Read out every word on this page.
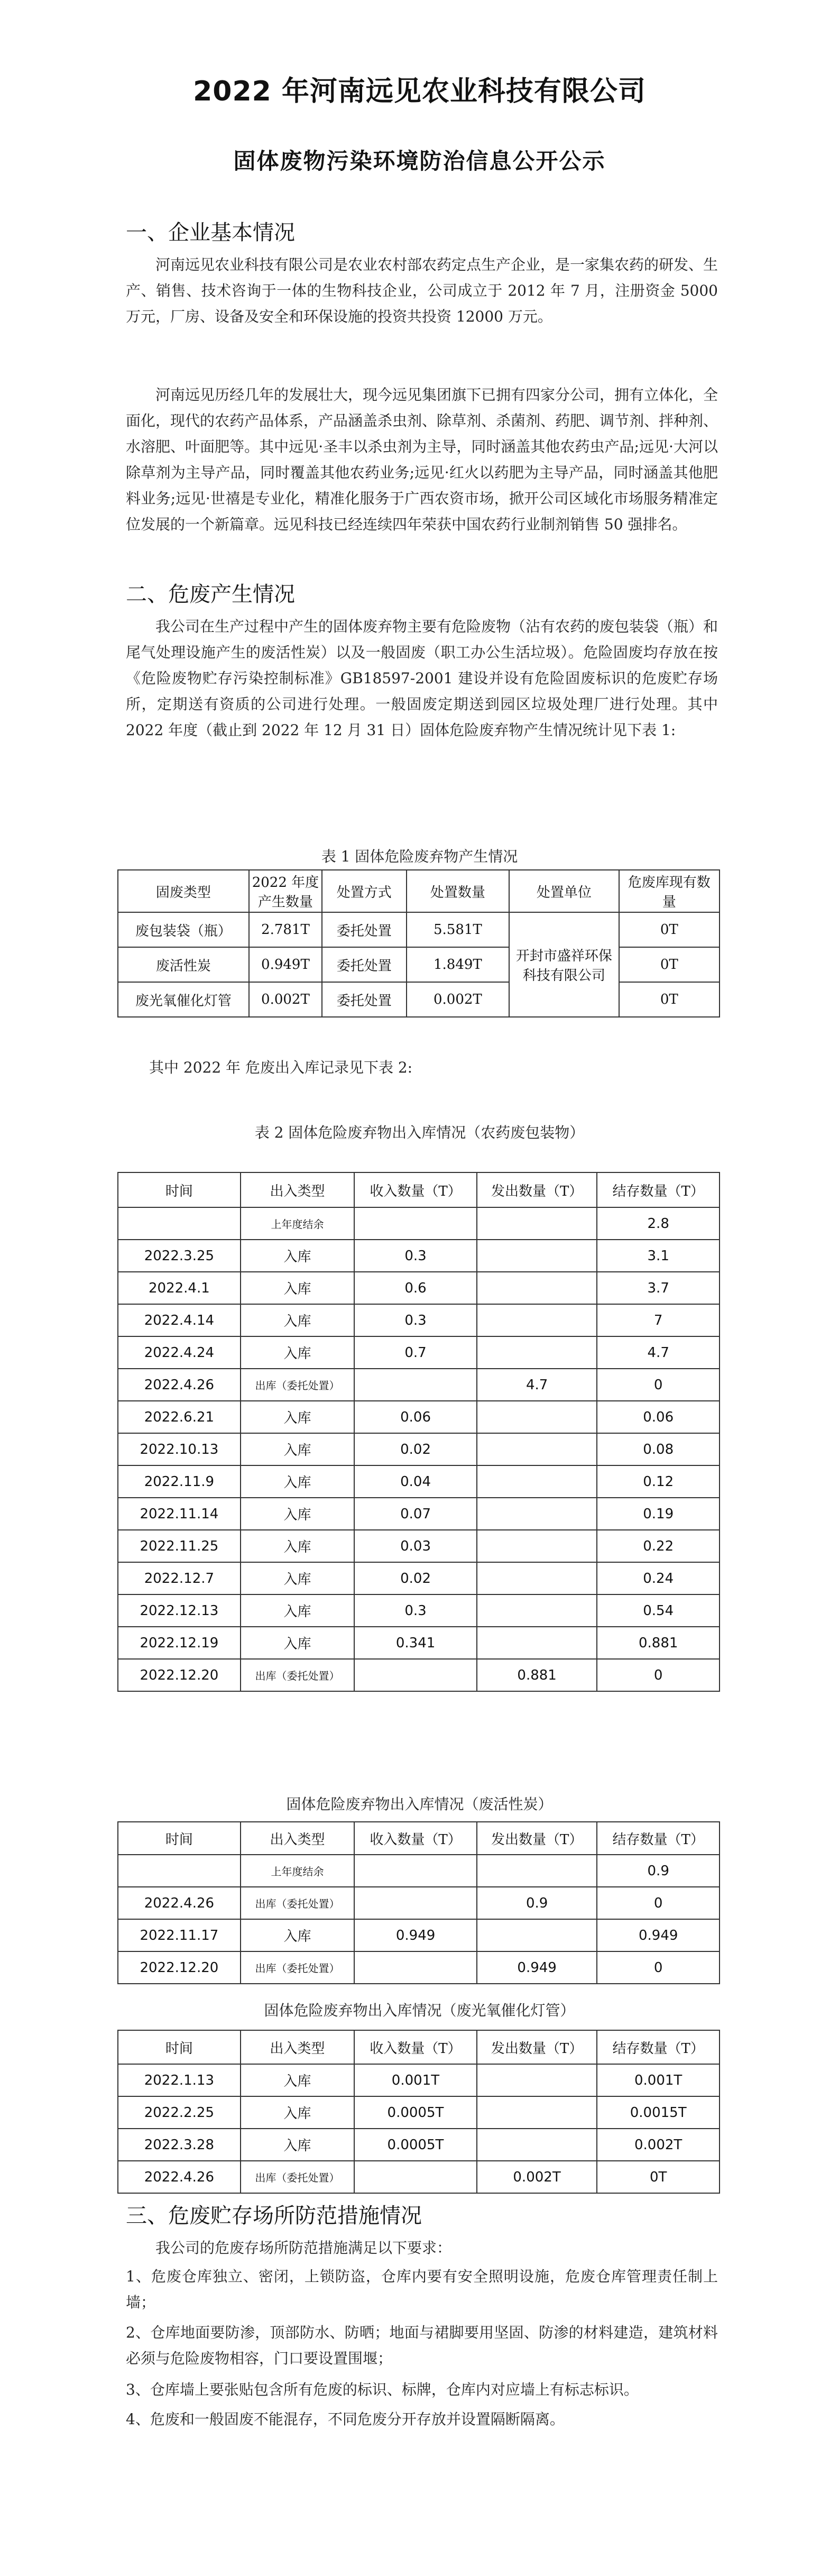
2022 年河南远见农业科技有限公司
固体废物污染环境防治信息公开公示
一、企业基本情况
河南远见农业科技有限公司是农业农村部农药定点生产企业，是一家集农药的研发、生产、销售、技术咨询于一体的生物科技企业，公司成立于 2012 年 7 月，注册资金 5000 万元，厂房、设备及安全和环保设施的投资共投资 12000 万元。
河南远见历经几年的发展壮大，现今远见集团旗下已拥有四家分公司，拥有立体化，全面化，现代的农药产品体系，产品涵盖杀虫剂、除草剂、杀菌剂、药肥、调节剂、拌种剂、水溶肥、叶面肥等。其中远见·圣丰以杀虫剂为主导，同时涵盖其他农药虫产品;远见·大河以除草剂为主导产品，同时覆盖其他农药业务;远见·红火以药肥为主导产品，同时涵盖其他肥料业务;远见·世禧是专业化，精准化服务于广西农资市场，掀开公司区域化市场服务精准定位发展的一个新篇章。远见科技已经连续四年荣获中国农药行业制剂销售 50 强排名。
二、危废产生情况
我公司在生产过程中产生的固体废弃物主要有危险废物（沾有农药的废包装袋（瓶）和尾气处理设施产生的废活性炭）以及一般固废（职工办公生活垃圾）。危险固废均存放在按《危险废物贮存污染控制标准》GB18597-2001 建设并设有危险固废标识的危废贮存场所，定期送有资质的公司进行处理。一般固废定期送到园区垃圾处理厂进行处理。其中 2022 年度（截止到 2022 年 12 月 31 日）固体危险废弃物产生情况统计见下表 1:
表 1 固体危险废弃物产生情况
固废类型	2022 年度产生数量	处置方式	处置数量	处置单位	危废库现有数量
废包装袋（瓶）	2.781T	委托处置	5.581T	开封市盛祥环保科技有限公司	0T
废活性炭	0.949T	委托处置	1.849T		0T
废光氧催化灯管	0.002T	委托处置	0.002T		0T
其中 2022 年 危废出入库记录见下表 2:
表 2 固体危险废弃物出入库情况（农药废包装物）
时间	出入类型	收入数量（T）	发出数量（T）	结存数量（T）
	上年度结余			2.8
2022.3.25	入库	0.3		3.1
2022.4.1	入库	0.6		3.7
2022.4.14	入库	0.3		7
2022.4.24	入库	0.7		4.7
2022.4.26	出库（委托处置）		4.7	0
2022.6.21	入库	0.06		0.06
2022.10.13	入库	0.02		0.08
2022.11.9	入库	0.04		0.12
2022.11.14	入库	0.07		0.19
2022.11.25	入库	0.03		0.22
2022.12.7	入库	0.02		0.24
2022.12.13	入库	0.3		0.54
2022.12.19	入库	0.341		0.881
2022.12.20	出库（委托处置）		0.881	0
固体危险废弃物出入库情况（废活性炭）
时间	出入类型	收入数量（T）	发出数量（T）	结存数量（T）
	上年度结余			0.9
2022.4.26	出库（委托处置）		0.9	0
2022.11.17	入库	0.949		0.949
2022.12.20	出库（委托处置）		0.949	0
固体危险废弃物出入库情况（废光氧催化灯管）
时间	出入类型	收入数量（T）	发出数量（T）	结存数量（T）
2022.1.13	入库	0.001T		0.001T
2022.2.25	入库	0.0005T		0.0015T
2022.3.28	入库	0.0005T		0.002T
2022.4.26	出库（委托处置）		0.002T	0T
三、危废贮存场所防范措施情况
我公司的危废存场所防范措施满足以下要求：
1、危废仓库独立、密闭，上锁防盗，仓库内要有安全照明设施，危废仓库管理责任制上墙；
2、仓库地面要防渗，顶部防水、防晒；地面与裙脚要用坚固、防渗的材料建造，建筑材料必须与危险废物相容，门口要设置围堰；
3、仓库墙上要张贴包含所有危废的标识、标牌，仓库内对应墙上有标志标识。
4、危废和一般固废不能混存，不同危废分开存放并设置隔断隔离。
